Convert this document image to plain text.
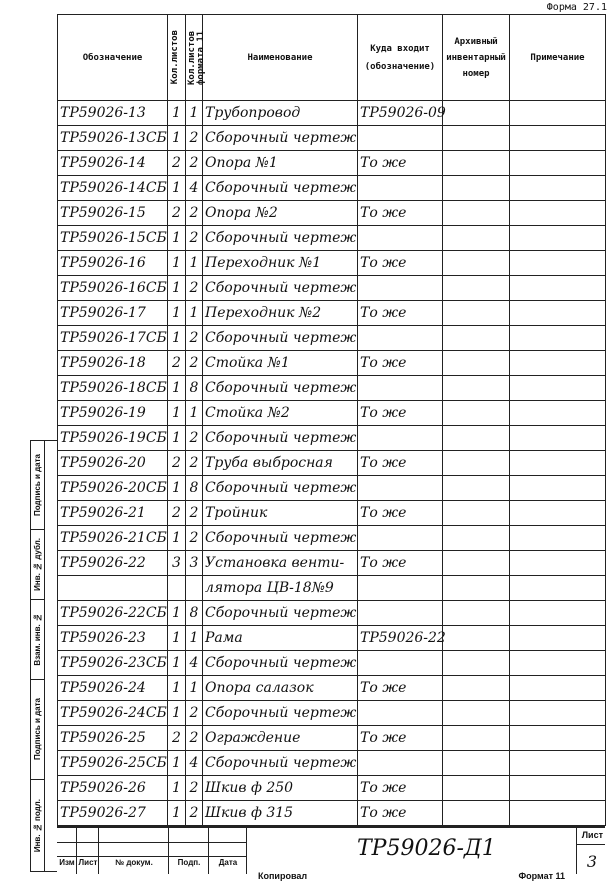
Форма 27.1
Обозначение	Кол.листов	Кол.листов формата 11	Наименование	Куда входит (обозначение)	Архивный инвентарный номер	Примечание
ТР59026-13	1	1	Трубопровод	ТР59026-09		
ТР59026-13СБ	1	2	Сборочный чертеж			
ТР59026-14	2	2	Опора №1	То же		
ТР59026-14СБ	1	4	Сборочный чертеж			
ТР59026-15	2	2	Опора №2	То же		
ТР59026-15СБ	1	2	Сборочный чертеж			
ТР59026-16	1	1	Переходник №1	То же		
ТР59026-16СБ	1	2	Сборочный чертеж			
ТР59026-17	1	1	Переходник №2	То же		
ТР59026-17СБ	1	2	Сборочный чертеж			
ТР59026-18	2	2	Стойка №1	То же		
ТР59026-18СБ	1	8	Сборочный чертеж			
ТР59026-19	1	1	Стойка №2	То же		
ТР59026-19СБ	1	2	Сборочный чертеж			
ТР59026-20	2	2	Труба выбросная	То же		
ТР59026-20СБ	1	8	Сборочный чертеж			
ТР59026-21	2	2	Тройник	То же		
ТР59026-21СБ	1	2	Сборочный чертеж			
ТР59026-22	3	3	Установка венти-	То же		
			лятора ЦВ-18№9			
ТР59026-22СБ	1	8	Сборочный чертеж			
ТР59026-23	1	1	Рама	ТР59026-22		
ТР59026-23СБ	1	4	Сборочный чертеж			
ТР59026-24	1	1	Опора салазок	То же		
ТР59026-24СБ	1	2	Сборочный чертеж			
ТР59026-25	2	2	Ограждение	То же		
ТР59026-25СБ	1	4	Сборочный чертеж			
ТР59026-26	1	2	Шкив ф 250	То же		
ТР59026-27	1	2	Шкив ф 315	То же		
Подпись и дата
Инв. № дубл.
Взам. инв. №
Подпись и дата
Инв. № подл.
Изм Лист	№ докум.	Подп.	Дата
ТР59026-Д1
Лист
3
Копировал	Формат 11
